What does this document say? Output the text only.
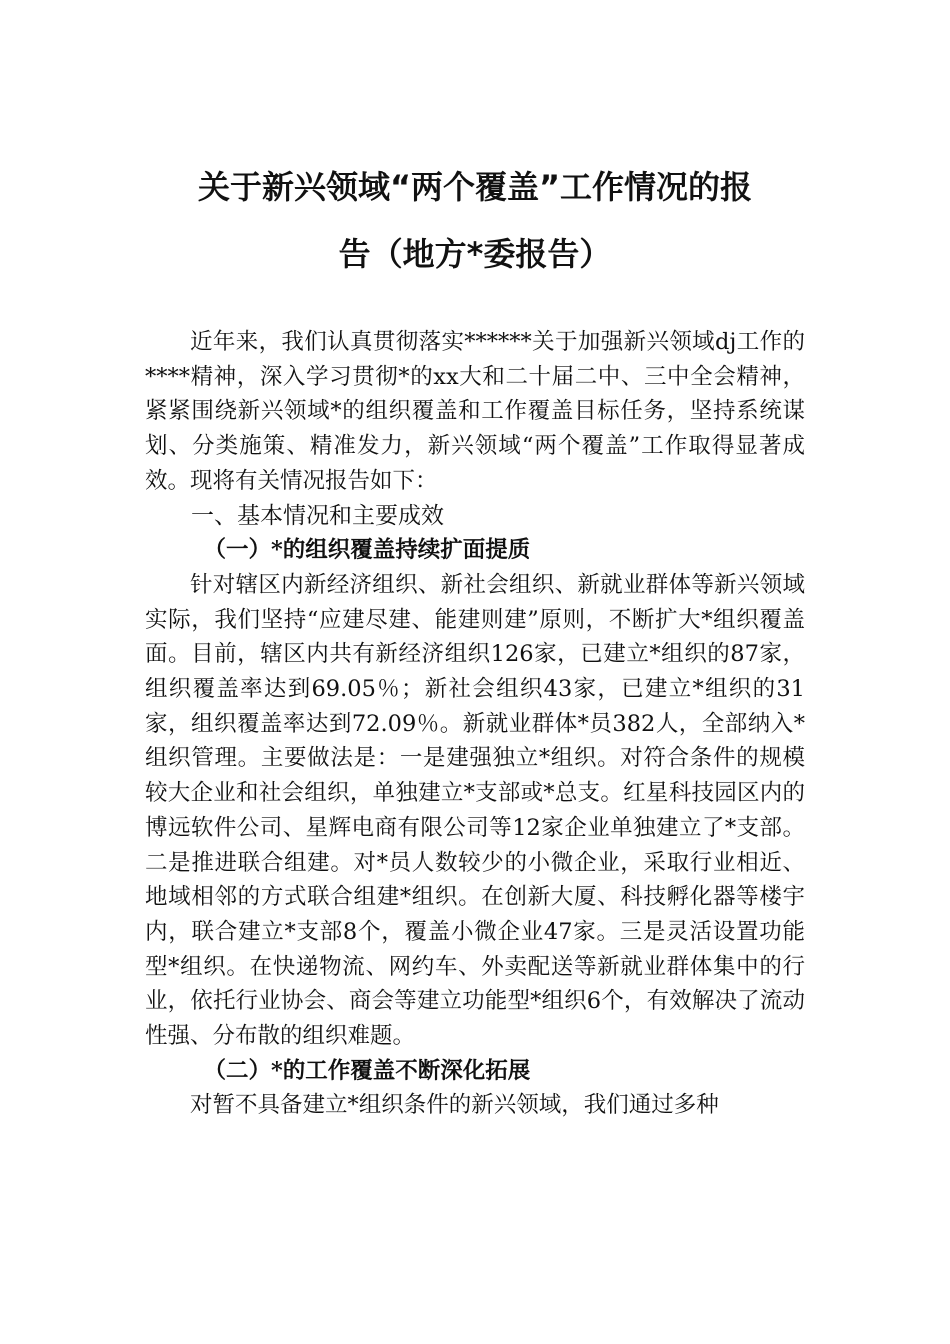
关于新兴领域“两个覆盖”工作情况的报
告（地方*委报告）

近年来，我们认真贯彻落实******关于加强新兴领域dj工作的****精神，深入学习贯彻*的xx大和二十届二中、三中全会精神，紧紧围绕新兴领域*的组织覆盖和工作覆盖目标任务，坚持系统谋划、分类施策、精准发力，新兴领域“两个覆盖”工作取得显著成效。现将有关情况报告如下：

一、基本情况和主要成效
（一）*的组织覆盖持续扩面提质

针对辖区内新经济组织、新社会组织、新就业群体等新兴领域实际，我们坚持“应建尽建、能建则建”原则，不断扩大*组织覆盖面。目前，辖区内共有新经济组织126家，已建立*组织的87家，组织覆盖率达到69.05％；新社会组织43家，已建立*组织的31家，组织覆盖率达到72.09％。新就业群体*员382人，全部纳入*组织管理。主要做法是：一是建强独立*组织。对符合条件的规模较大企业和社会组织，单独建立*支部或*总支。红星科技园区内的博远软件公司、星辉电商有限公司等12家企业单独建立了*支部。二是推进联合组建。对*员人数较少的小微企业，采取行业相近、地域相邻的方式联合组建*组织。在创新大厦、科技孵化器等楼宇内，联合建立*支部8个，覆盖小微企业47家。三是灵活设置功能型*组织。在快递物流、网约车、外卖配送等新就业群体集中的行业，依托行业协会、商会等建立功能型*组织6个，有效解决了流动性强、分布散的组织难题。

（二）*的工作覆盖不断深化拓展

对暂不具备建立*组织条件的新兴领域，我们通过多种
